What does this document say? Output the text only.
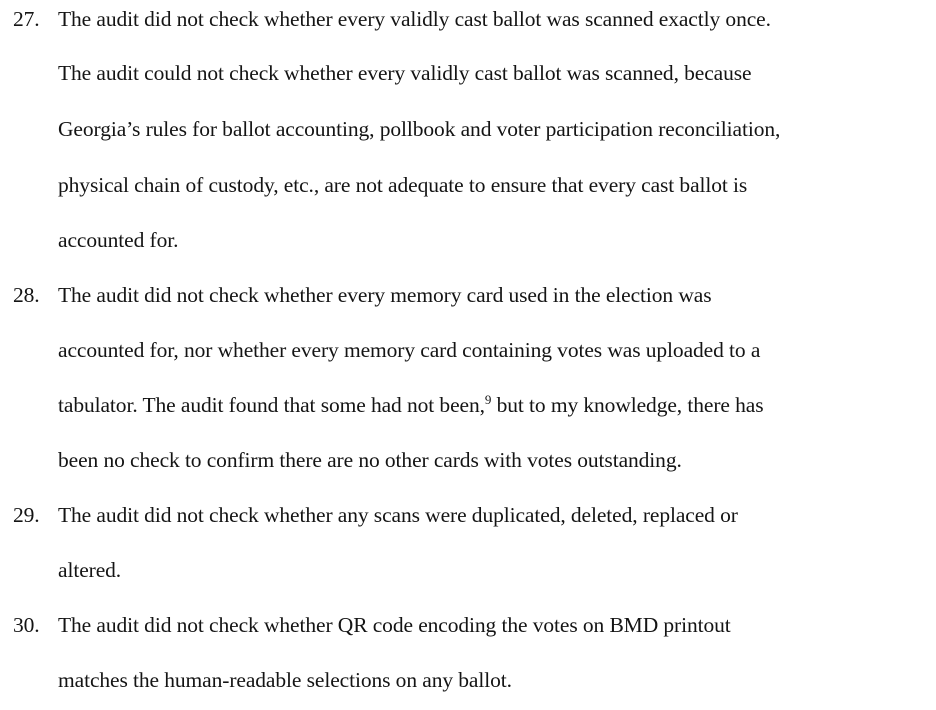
27. The audit did not check whether every validly cast ballot was scanned exactly once.
The audit could not check whether every validly cast ballot was scanned, because
Georgia’s rules for ballot accounting, pollbook and voter participation reconciliation,
physical chain of custody, etc., are not adequate to ensure that every cast ballot is
accounted for.
28. The audit did not check whether every memory card used in the election was
accounted for, nor whether every memory card containing votes was uploaded to a
tabulator. The audit found that some had not been,$^9$ but to my knowledge, there has
been no check to confirm there are no other cards with votes outstanding.
29. The audit did not check whether any scans were duplicated, deleted, replaced or
altered.
30. The audit did not check whether QR code encoding the votes on BMD printout
matches the human-readable selections on any ballot.
